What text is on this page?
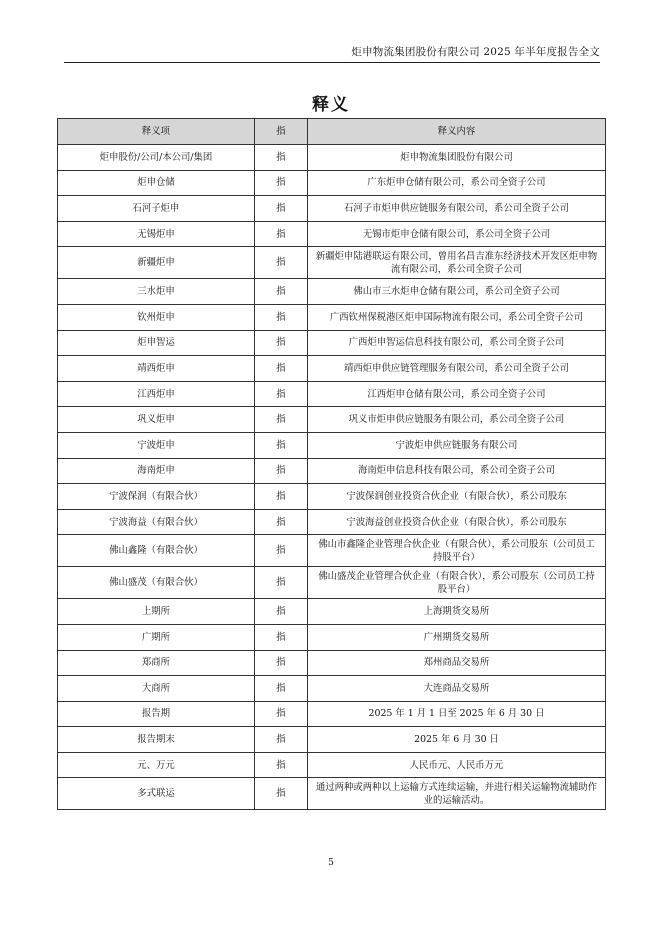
炬申物流集团股份有限公司 2025 年半年度报告全文
释义
释义项	指	释义内容
炬申股份/公司/本公司/集团	指	炬申物流集团股份有限公司
炬申仓储	指	广东炬申仓储有限公司，系公司全资子公司
石河子炬申	指	石河子市炬申供应链服务有限公司，系公司全资子公司
无锡炬申	指	无锡市炬申仓储有限公司，系公司全资子公司
新疆炬申	指	新疆炬申陆港联运有限公司，曾用名昌吉准东经济技术开发区炬申物流有限公司，系公司全资子公司
三水炬申	指	佛山市三水炬申仓储有限公司，系公司全资子公司
钦州炬申	指	广西钦州保税港区炬申国际物流有限公司，系公司全资子公司
炬申智运	指	广西炬申智运信息科技有限公司，系公司全资子公司
靖西炬申	指	靖西炬申供应链管理服务有限公司，系公司全资子公司
江西炬申	指	江西炬申仓储有限公司，系公司全资子公司
巩义炬申	指	巩义市炬申供应链服务有限公司，系公司全资子公司
宁波炬申	指	宁波炬申供应链服务有限公司
海南炬申	指	海南炬申信息科技有限公司，系公司全资子公司
宁波保润（有限合伙）	指	宁波保润创业投资合伙企业（有限合伙），系公司股东
宁波海益（有限合伙）	指	宁波海益创业投资合伙企业（有限合伙），系公司股东
佛山鑫隆（有限合伙）	指	佛山市鑫隆企业管理合伙企业（有限合伙），系公司股东（公司员工持股平台）
佛山盛茂（有限合伙）	指	佛山盛茂企业管理合伙企业（有限合伙），系公司股东（公司员工持股平台）
上期所	指	上海期货交易所
广期所	指	广州期货交易所
郑商所	指	郑州商品交易所
大商所	指	大连商品交易所
报告期	指	2025 年 1 月 1 日至 2025 年 6 月 30 日
报告期末	指	2025 年 6 月 30 日
元、万元	指	人民币元、人民币万元
多式联运	指	通过两种或两种以上运输方式连续运输，并进行相关运输物流辅助作业的运输活动。
5
